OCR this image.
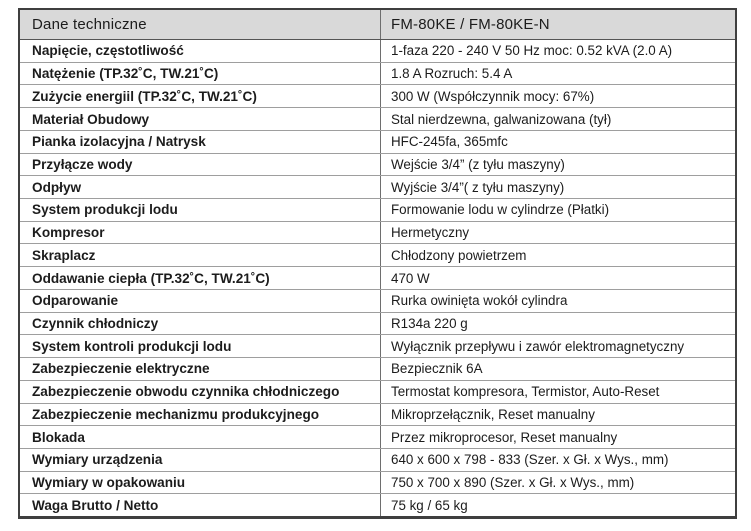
Dane techniczne	FM-80KE / FM-80KE-N
Napięcie, częstotliwość	1-faza 220 - 240 V 50 Hz moc: 0.52 kVA (2.0 A)
Natężenie (TP.32˚C, TW.21˚C)	1.8 A Rozruch: 5.4 A
Zużycie energiil (TP.32˚C, TW.21˚C)	300 W (Współczynnik mocy: 67%)
Materiał Obudowy	Stal nierdzewna, galwanizowana (tył)
Pianka izolacyjna / Natrysk	HFC-245fa, 365mfc
Przyłącze wody	Wejście 3/4” (z tyłu maszyny)
Odpływ	Wyjście 3/4”( z tyłu maszyny)
System produkcji lodu	Formowanie lodu w cylindrze (Płatki)
Kompresor	Hermetyczny
Skraplacz	Chłodzony powietrzem
Oddawanie ciepła (TP.32˚C, TW.21˚C)	470 W
Odparowanie	Rurka owinięta wokół cylindra
Czynnik chłodniczy	R134a 220 g
System kontroli produkcji lodu	Wyłącznik przepływu i zawór elektromagnetyczny
Zabezpieczenie elektryczne	Bezpiecznik 6A
Zabezpieczenie obwodu czynnika chłodniczego	Termostat kompresora, Termistor, Auto-Reset
Zabezpieczenie mechanizmu produkcyjnego	Mikroprzełącznik, Reset manualny
Blokada	Przez mikroprocesor, Reset manualny
Wymiary urządzenia	640 x 600 x 798 - 833 (Szer. x Gł. x Wys., mm)
Wymiary w opakowaniu	750 x 700 x 890 (Szer. x Gł. x Wys., mm)
Waga Brutto / Netto	75 kg / 65 kg
